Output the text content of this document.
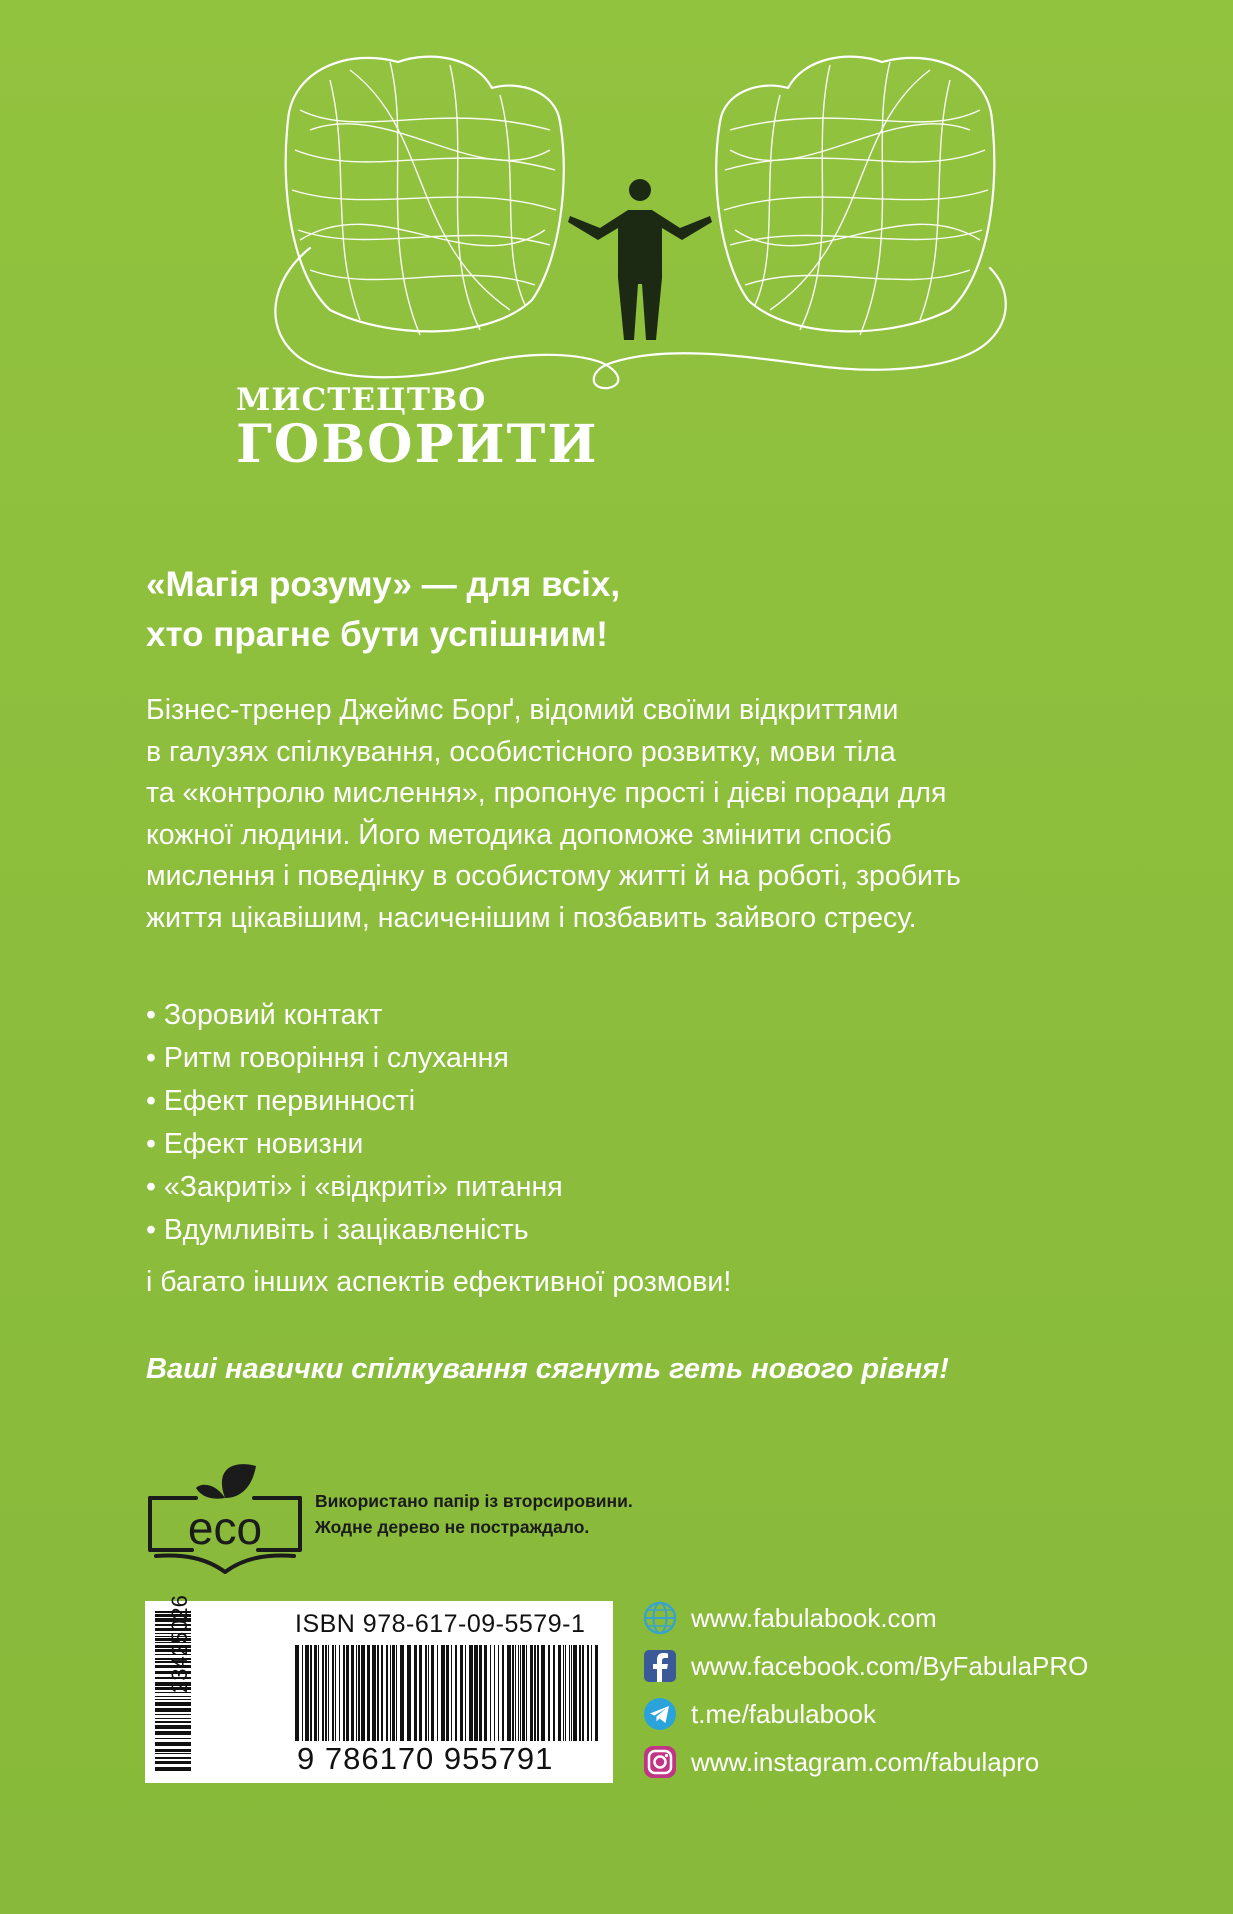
МИСТЕЦТВО
ГОВОРИТИ
«Магія розуму» — для всіх,
хто прагне бути успішним!
Бізнес-тренер Джеймс Борґ, відомий своїми відкриттями
в галузях спілкування, особистісного розвитку, мови тіла
та «контролю мислення», пропонує прості і дієві поради для
кожної людини. Його методика допоможе змінити спосіб
мислення і поведінку в особистому житті й на роботі, зробить
життя цікавішим, насиченішим і позбавить зайвого стресу.
• Зоровий контакт
• Ритм говоріння і слухання
• Ефект первинності
• Ефект новизни
• «Закриті» і «відкриті» питання
• Вдумливіть і зацікавленість
і багато інших аспектів ефективної розмови!
Ваші навички спілкування сягнуть геть нового рівня!
eco
Використано папір із вторсировини.
Жодне дерево не постраждало.
23425026	ISBN 978-617-09-5579-1
9 786170 955791
www.fabulabook.com
www.facebook.com/ByFabulaPRO
t.me/fabulabook
www.instagram.com/fabulapro
